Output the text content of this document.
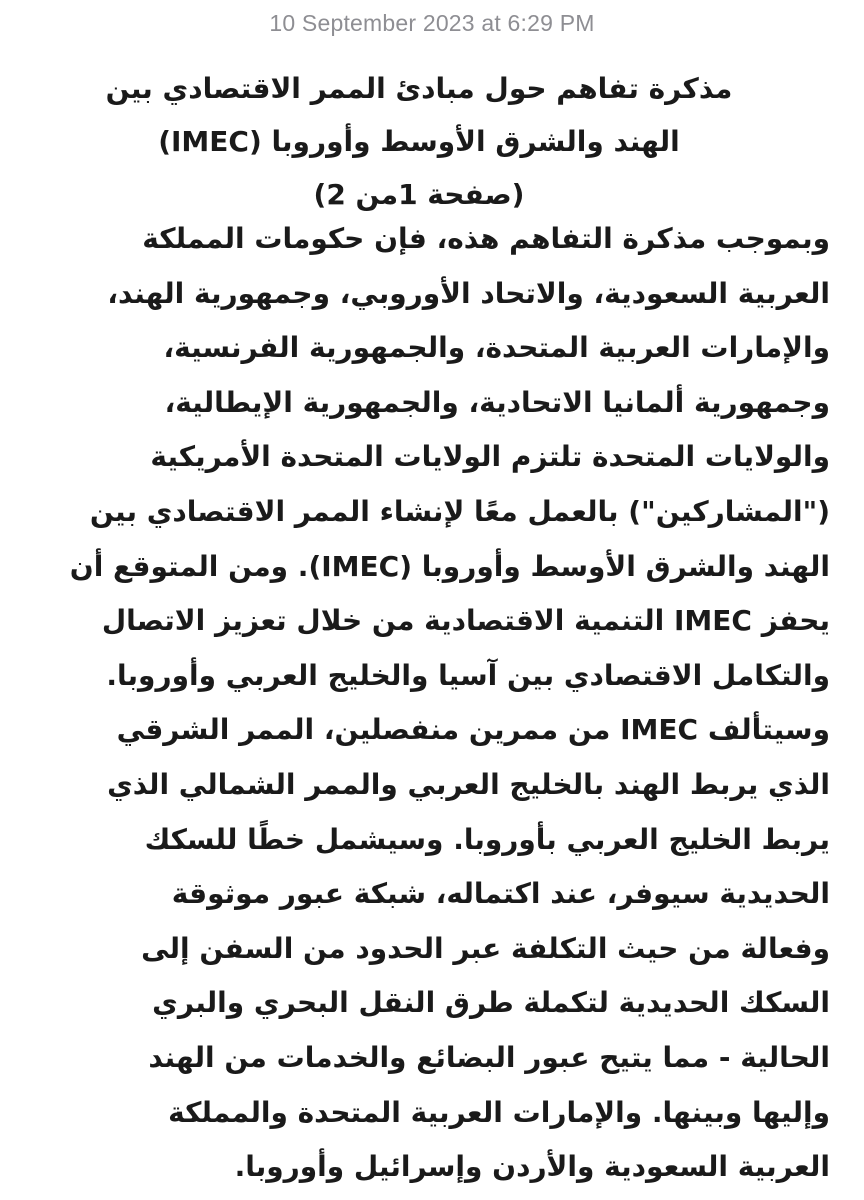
10 September 2023 at 6:29 PM
مذكرة تفاهم حول مبادئ الممر الاقتصادي بين
الهند والشرق الأوسط وأوروبا (IMEC)
(صفحة 1من 2)
وبموجب مذكرة التفاهم هذه، فإن حكومات المملكة
العربية السعودية، والاتحاد الأوروبي، وجمهورية الهند،
والإمارات العربية المتحدة، والجمهورية الفرنسية،
وجمهورية ألمانيا الاتحادية، والجمهورية الإيطالية،
والولايات المتحدة تلتزم الولايات المتحدة الأمريكية
("المشاركين") بالعمل معًا لإنشاء الممر الاقتصادي بين
الهند والشرق الأوسط وأوروبا (IMEC). ومن المتوقع أن
يحفز IMEC التنمية الاقتصادية من خلال تعزيز الاتصال
والتكامل الاقتصادي بين آسيا والخليج العربي وأوروبا.
وسيتألف IMEC من ممرين منفصلين، الممر الشرقي
الذي يربط الهند بالخليج العربي والممر الشمالي الذي
يربط الخليج العربي بأوروبا. وسيشمل خطًا للسكك
الحديدية سيوفر، عند اكتماله، شبكة عبور موثوقة
وفعالة من حيث التكلفة عبر الحدود من السفن إلى
السكك الحديدية لتكملة طرق النقل البحري والبري
الحالية - مما يتيح عبور البضائع والخدمات من الهند
وإليها وبينها. والإمارات العربية المتحدة والمملكة
العربية السعودية والأردن وإسرائيل وأوروبا.
